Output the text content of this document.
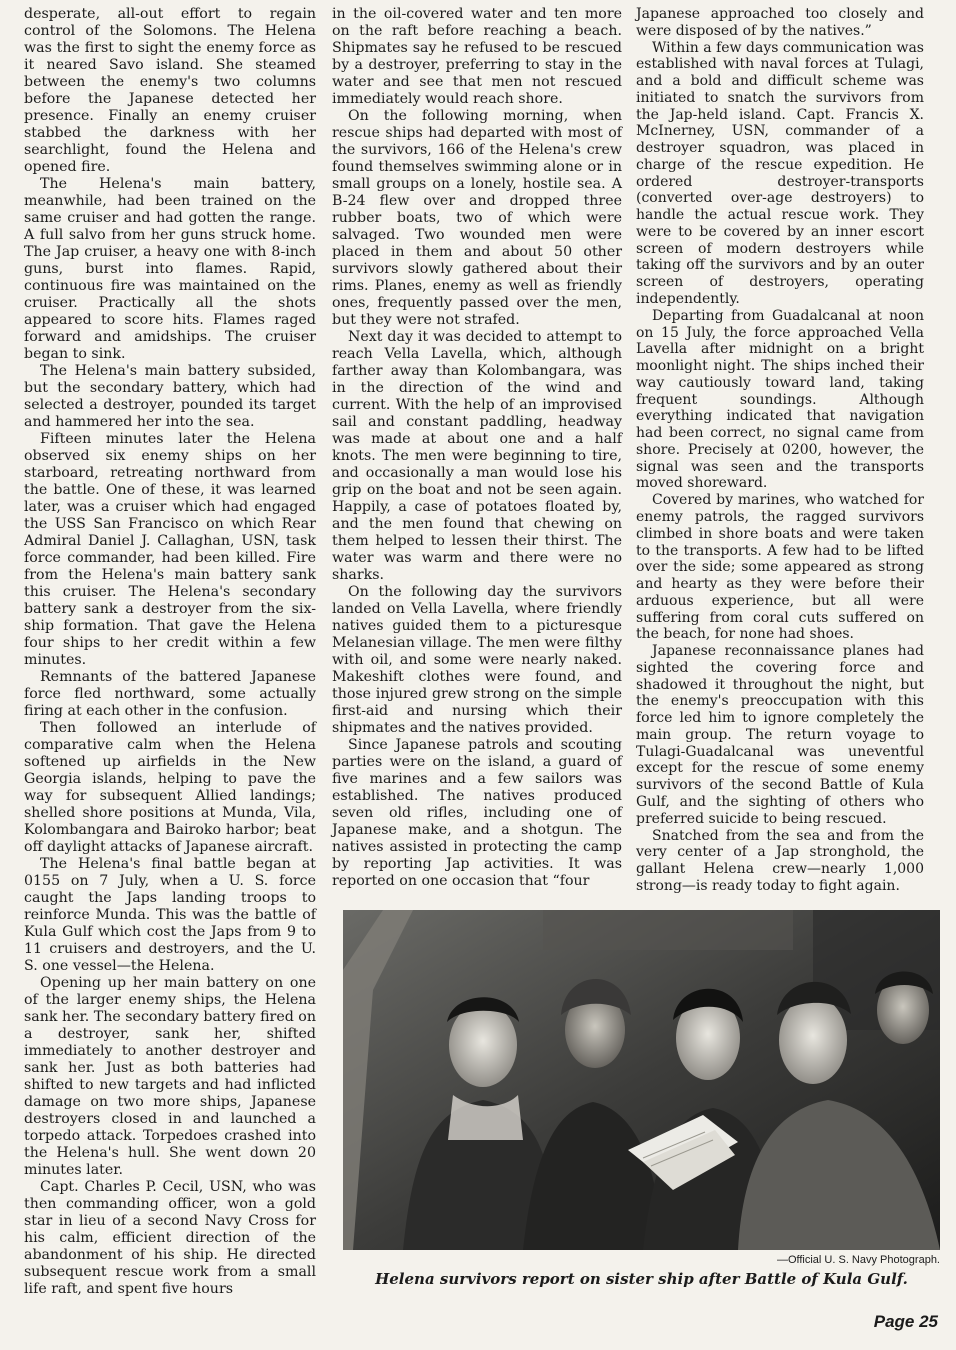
desperate, all-out effort to regain control of the Solomons. The Helena was the first to sight the enemy force as it neared Savo island. She steamed between the enemy's two columns before the Japanese detected her presence. Finally an enemy cruiser stabbed the darkness with her searchlight, found the Helena and opened fire.

The Helena's main battery, meanwhile, had been trained on the same cruiser and had gotten the range. A full salvo from her guns struck home. The Jap cruiser, a heavy one with 8-inch guns, burst into flames. Rapid, continuous fire was maintained on the cruiser. Practically all the shots appeared to score hits. Flames raged forward and amidships. The cruiser began to sink.

The Helena's main battery subsided, but the secondary battery, which had selected a destroyer, pounded its target and hammered her into the sea.

Fifteen minutes later the Helena observed six enemy ships on her starboard, retreating northward from the battle. One of these, it was learned later, was a cruiser which had engaged the USS San Francisco on which Rear Admiral Daniel J. Callaghan, USN, task force commander, had been killed. Fire from the Helena's main battery sank this cruiser. The Helena's secondary battery sank a destroyer from the six-ship formation. That gave the Helena four ships to her credit within a few minutes.

Remnants of the battered Japanese force fled northward, some actually firing at each other in the confusion.

Then followed an interlude of comparative calm when the Helena softened up airfields in the New Georgia islands, helping to pave the way for subsequent Allied landings; shelled shore positions at Munda, Vila, Kolombangara and Bairoko harbor; beat off daylight attacks of Japanese aircraft.

The Helena's final battle began at 0155 on 7 July, when a U. S. force caught the Japs landing troops to reinforce Munda. This was the battle of Kula Gulf which cost the Japs from 9 to 11 cruisers and destroyers, and the U. S. one vessel—the Helena.

Opening up her main battery on one of the larger enemy ships, the Helena sank her. The secondary battery fired on a destroyer, sank her, shifted immediately to another destroyer and sank her. Just as both batteries had shifted to new targets and had inflicted damage on two more ships, Japanese destroyers closed in and launched a torpedo attack. Torpedoes crashed into the Helena's hull. She went down 20 minutes later.

Capt. Charles P. Cecil, USN, who was then commanding officer, won a gold star in lieu of a second Navy Cross for his calm, efficient direction of the abandonment of his ship. He directed subsequent rescue work from a small life raft, and spent five hours

in the oil-covered water and ten more on the raft before reaching a beach. Shipmates say he refused to be rescued by a destroyer, preferring to stay in the water and see that men not rescued immediately would reach shore.

On the following morning, when rescue ships had departed with most of the survivors, 166 of the Helena's crew found themselves swimming alone or in small groups on a lonely, hostile sea. A B-24 flew over and dropped three rubber boats, two of which were salvaged. Two wounded men were placed in them and about 50 other survivors slowly gathered about their rims. Planes, enemy as well as friendly ones, frequently passed over the men, but they were not strafed.

Next day it was decided to attempt to reach Vella Lavella, which, although farther away than Kolombangara, was in the direction of the wind and current. With the help of an improvised sail and constant paddling, headway was made at about one and a half knots. The men were beginning to tire, and occasionally a man would lose his grip on the boat and not be seen again. Happily, a case of potatoes floated by, and the men found that chewing on them helped to lessen their thirst. The water was warm and there were no sharks.

On the following day the survivors landed on Vella Lavella, where friendly natives guided them to a picturesque Melanesian village. The men were filthy with oil, and some were nearly naked. Makeshift clothes were found, and those injured grew strong on the simple first-aid and nursing which their shipmates and the natives provided.

Since Japanese patrols and scouting parties were on the island, a guard of five marines and a few sailors was established. The natives produced seven old rifles, including one of Japanese make, and a shotgun. The natives assisted in protecting the camp by reporting Jap activities. It was reported on one occasion that “four

Japanese approached too closely and were disposed of by the natives.”

Within a few days communication was established with naval forces at Tulagi, and a bold and difficult scheme was initiated to snatch the survivors from the Jap-held island. Capt. Francis X. McInerney, USN, commander of a destroyer squadron, was placed in charge of the rescue expedition. He ordered destroyer-transports (converted over-age destroyers) to handle the actual rescue work. They were to be covered by an inner escort screen of modern destroyers while taking off the survivors and by an outer screen of destroyers, operating independently.

Departing from Guadalcanal at noon on 15 July, the force approached Vella Lavella after midnight on a bright moonlight night. The ships inched their way cautiously toward land, taking frequent soundings. Although everything indicated that navigation had been correct, no signal came from shore. Precisely at 0200, however, the signal was seen and the transports moved shoreward.

Covered by marines, who watched for enemy patrols, the ragged survivors climbed in shore boats and were taken to the transports. A few had to be lifted over the side; some appeared as strong and hearty as they were before their arduous experience, but all were suffering from coral cuts suffered on the beach, for none had shoes.

Japanese reconnaissance planes had sighted the covering force and shadowed it throughout the night, but the enemy's preoccupation with this force led him to ignore completely the main group. The return voyage to Tulagi-Guadalcanal was uneventful except for the rescue of some enemy survivors of the second Battle of Kula Gulf, and the sighting of others who preferred suicide to being rescued.

Snatched from the sea and from the very center of a Jap stronghold, the gallant Helena crew—nearly 1,000 strong—is ready today to fight again.

—Official U. S. Navy Photograph.
Helena survivors report on sister ship after Battle of Kula Gulf.
Page 25
